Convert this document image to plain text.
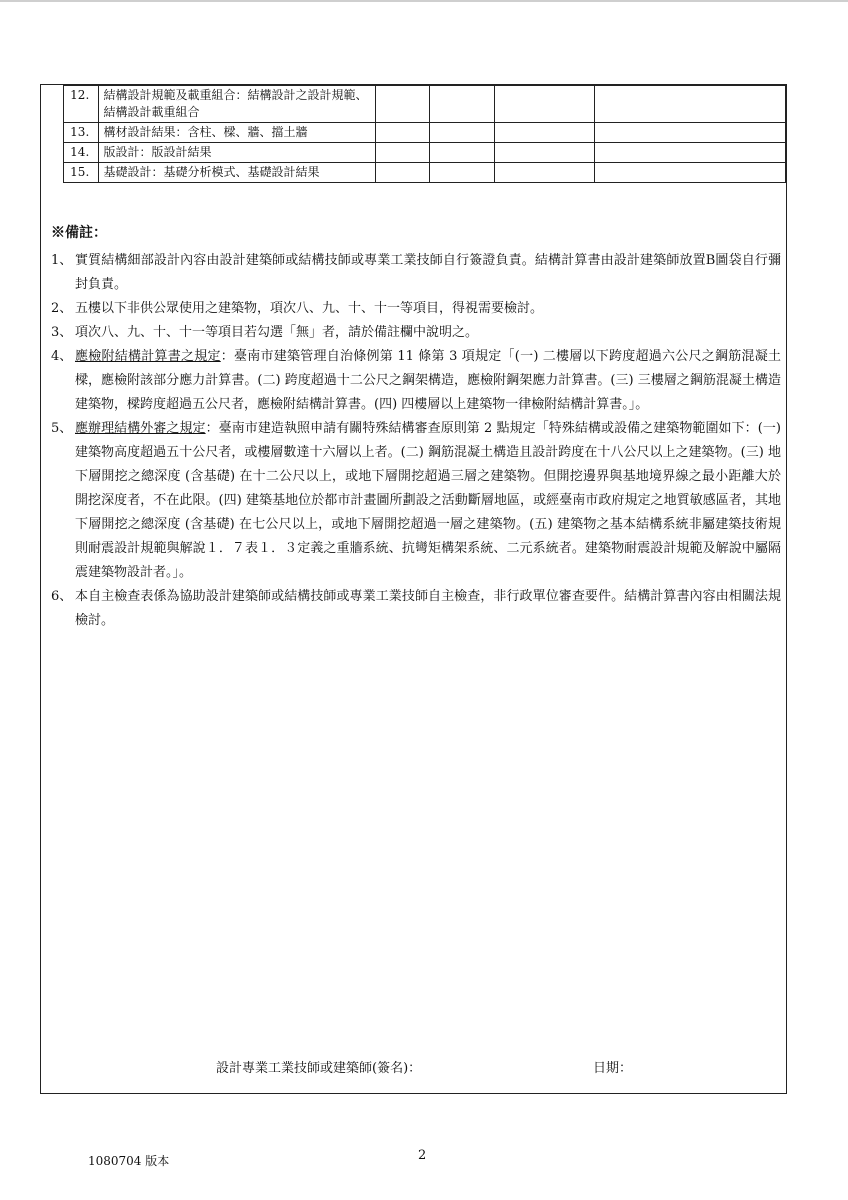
	12.	結構設計規範及載重組合：結構設計之設計規範、結構設計載重組合				
	13.	構材設計結果：含柱、樑、牆、擋土牆				
	14.	版設計：版設計結果				
	15.	基礎設計：基礎分析模式、基礎設計結果				
※備註：
1、 實質結構細部設計內容由設計建築師或結構技師或專業工業技師自行簽證負責。結構計算書由設計建築師放置B圖袋自行彌封負責。
2、 五樓以下非供公眾使用之建築物，項次八、九、十、十一等項目，得視需要檢討。
3、 項次八、九、十、十一等項目若勾選「無」者，請於備註欄中說明之。
4、 應檢附結構計算書之規定：臺南市建築管理自治條例第 11 條第 3 項規定「(一) 二樓層以下跨度超過六公尺之鋼筋混凝土樑，應檢附該部分應力計算書。(二) 跨度超過十二公尺之鋼架構造，應檢附鋼架應力計算書。(三) 三樓層之鋼筋混凝土構造建築物，樑跨度超過五公尺者，應檢附結構計算書。(四) 四樓層以上建築物一律檢附結構計算書。」。
5、 應辦理結構外審之規定：臺南市建造執照申請有關特殊結構審查原則第 2 點規定「特殊結構或設備之建築物範圍如下：(一) 建築物高度超過五十公尺者，或樓層數達十六層以上者。(二) 鋼筋混凝土構造且設計跨度在十八公尺以上之建築物。(三) 地下層開挖之總深度 (含基礎) 在十二公尺以上，或地下層開挖超過三層之建築物。但開挖邊界與基地境界線之最小距離大於開挖深度者，不在此限。(四) 建築基地位於都市計畫圖所劃設之活動斷層地區，或經臺南市政府規定之地質敏感區者，其地下層開挖之總深度 (含基礎) 在七公尺以上，或地下層開挖超過一層之建築物。(五) 建築物之基本結構系統非屬建築技術規則耐震設計規範與解說１．７表１．３定義之重牆系統、抗彎矩構架系統、二元系統者。建築物耐震設計規範及解說中屬隔震建築物設計者。」。
6、 本自主檢查表係為協助設計建築師或結構技師或專業工業技師自主檢查，非行政單位審查要件。結構計算書內容由相關法規檢討。
設計專業工業技師或建築師(簽名)：	日期：
1080704 版本	2
